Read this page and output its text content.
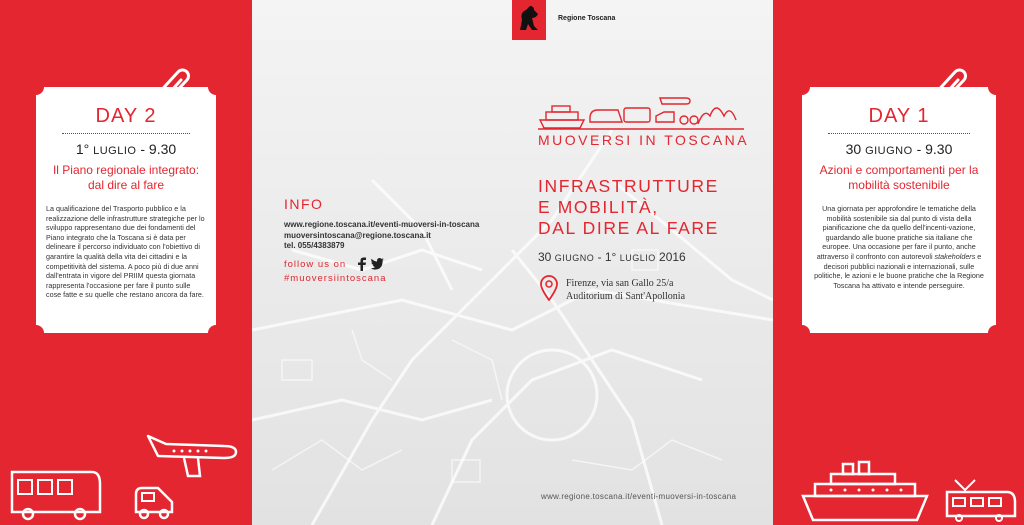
DAY 2
1° LUGLIO - 9.30
Il Piano regionale integrato: dal dire al fare
La qualificazione del Trasporto pubblico e la realizzazione delle infrastrutture strategiche per lo sviluppo rappresentano due dei fondamenti del Piano integrato che la Toscana si è data per delineare il percorso individuato con l'obiettivo di garantire la qualità della vita dei cittadini e la competitività del sistema. A poco più di due anni dall'entrata in vigore del PRIIM questa giornata rappresenta l'occasione per fare il punto sulle cose fatte e su quelle che restano ancora da fare.
Regione Toscana
MUOVERSI IN TOSCANA
INFRASTRUTTURE
E MOBILITÀ,
DAL DIRE AL FARE
30 GIUGNO - 1° LUGLIO 2016
Firenze, via san Gallo 25/a
Auditorium di Sant'Apollonia
INFO
www.regione.toscana.it/eventi-muoversi-in-toscana
muoversintoscana@regione.toscana.it
tel. 055/4383879
follow us on
#muoversiintoscana
www.regione.toscana.it/eventi-muoversi-in-toscana
DAY 1
30 GIUGNO - 9.30
Azioni e comportamenti per la mobilità sostenibile
Una giornata per approfondire le tematiche della mobilità sostenibile sia dal punto di vista della pianificazione che da quello dell'incenti-vazione, guardando alle buone pratiche sia italiane che europee. Una occasione per fare il punto, anche attraverso il confronto con autorevoli stakeholders e decisori pubblici nazionali e internazionali, sulle politiche, le azioni e le buone pratiche che la Regione Toscana ha attivato e intende perseguire.
